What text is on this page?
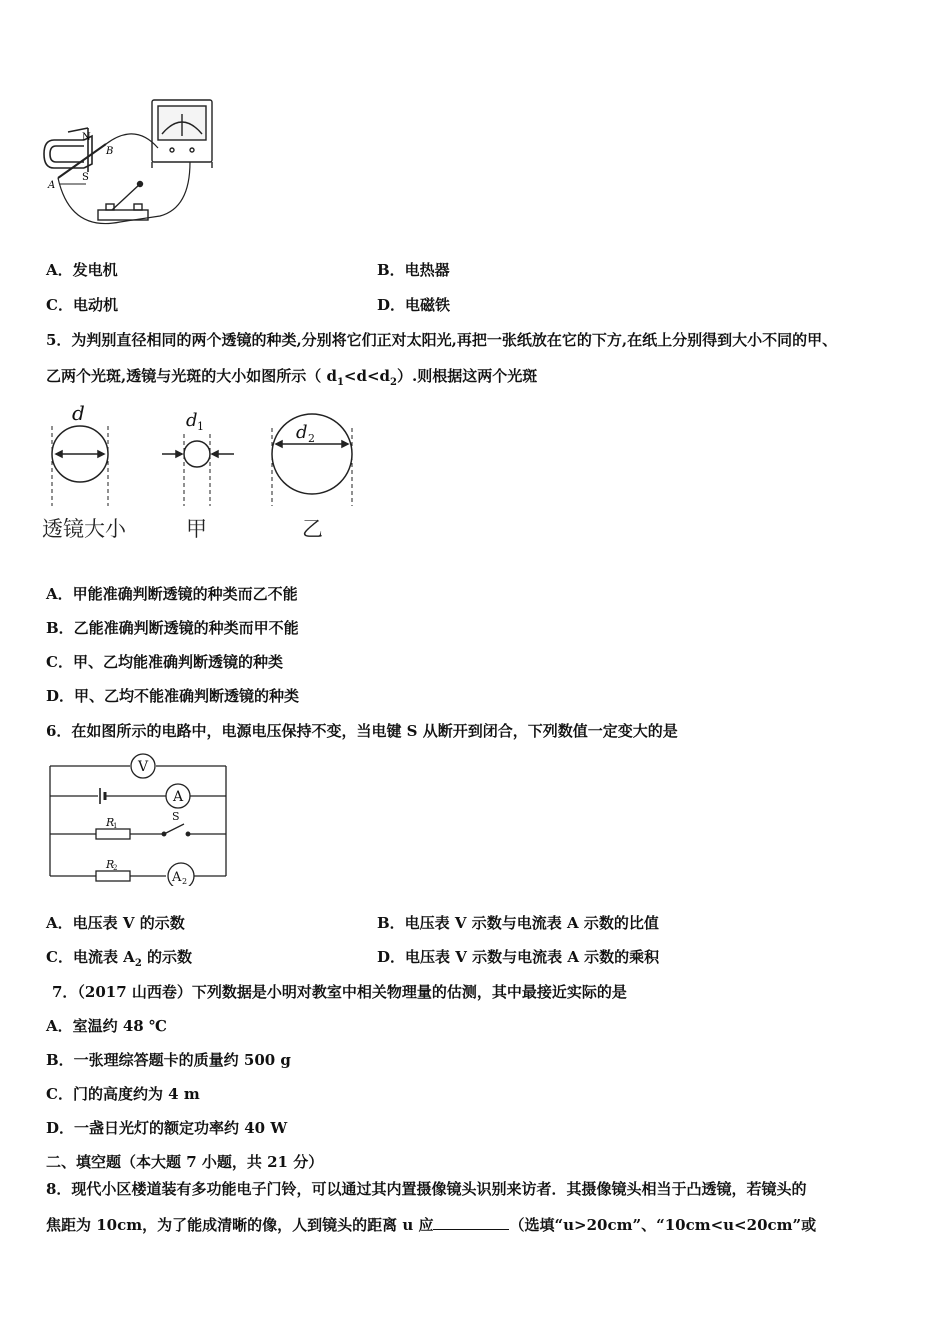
N
S
A
B
A．发电机	B．电热器
C．电动机	D．电磁铁
5．为判别直径相同的两个透镜的种类,分别将它们正对太阳光,再把一张纸放在它的下方,在纸上分别得到大小不同的甲、
乙两个光斑,透镜与光斑的大小如图所示（ $d_1<d<d_2$）.则根据这两个光斑
d	d 1	d 2
透镜大小	甲	乙
A．甲能准确判断透镜的种类而乙不能
B．乙能准确判断透镜的种类而甲不能
C．甲、乙均能准确判断透镜的种类
D．甲、乙均不能准确判断透镜的种类
6．在如图所示的电路中，电源电压保持不变，当电键 S 从断开到闭合，下列数值一定变大的是
V
A
A 2
R
1
S
R
2
A．电压表 V 的示数	B．电压表 V 示数与电流表 A 示数的比值
C．电流表 $A_2$ 的示数	D．电压表 V 示数与电流表 A 示数的乘积
7．（2017 山西卷）下列数据是小明对教室中相关物理量的估测，其中最接近实际的是
A．室温约 48 ℃
B．一张理综答题卡的质量约 500 g
C．门的高度约为 4 m
D．一盏日光灯的额定功率约 40 W
二、填空题（本大题 7 小题，共 21 分）
8．现代小区楼道装有多功能电子门铃，可以通过其内置摄像镜头识别来访者．其摄像镜头相当于凸透镜，若镜头的
焦距为 10cm，为了能成清晰的像，人到镜头的距离 u 应	（选填“u>20cm”、“10cm<u<20cm”或
